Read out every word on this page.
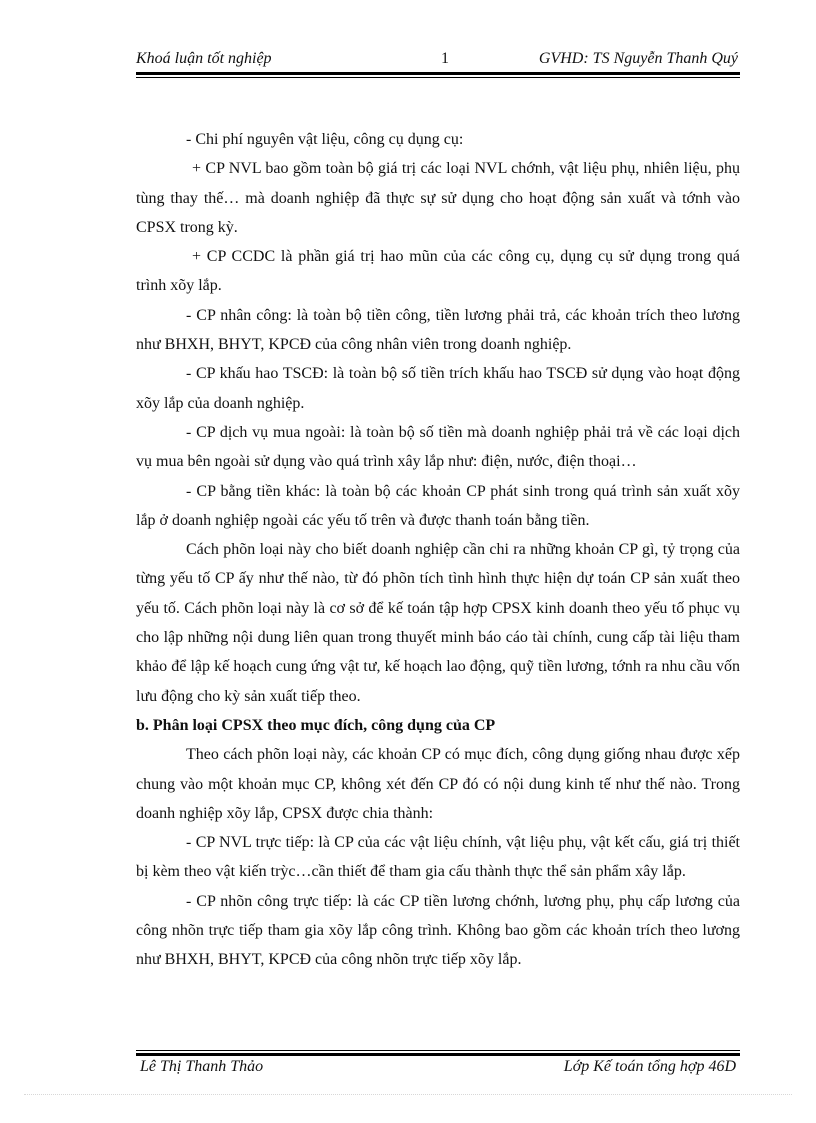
Khoá luận tốt nghiệp	1	GVHD: TS Nguyễn Thanh Quý

- Chi phí nguyên vật liệu, công cụ dụng cụ:

+ CP NVL bao gồm toàn bộ giá trị các loại NVL chớnh, vật liệu phụ, nhiên liệu, phụ tùng thay thế… mà doanh nghiệp đã thực sự sử dụng cho hoạt động sản xuất và tớnh vào CPSX trong kỳ.

+ CP CCDC là phần giá trị hao mũn của các công cụ, dụng cụ sử dụng trong quá trình xõy lắp.

- CP nhân công: là toàn bộ tiền công, tiền lương phải trả, các khoản trích theo lương như BHXH, BHYT, KPCĐ của công nhân viên trong doanh nghiệp.

- CP khấu hao TSCĐ: là toàn bộ số tiền trích khấu hao TSCĐ sử dụng vào hoạt động xõy lắp của doanh nghiệp.

- CP dịch vụ mua ngoài: là toàn bộ số tiền mà doanh nghiệp phải trả về các loại dịch vụ mua bên ngoài sử dụng vào quá trình xây lắp như: điện, nước, điện thoại…

- CP bằng tiền khác: là toàn bộ các khoản CP phát sinh trong quá trình sản xuất xõy lắp ở doanh nghiệp ngoài các yếu tố trên và được thanh toán bằng tiền.

Cách phõn loại này cho biết doanh nghiệp cần chi ra những khoản CP gì, tỷ trọng của từng yếu tố CP ấy như thế nào, từ đó phõn tích tình hình thực hiện dự toán CP sản xuất theo yếu tố. Cách phõn loại này là cơ sở để kế toán tập hợp CPSX kinh doanh theo yếu tố phục vụ cho lập những nội dung liên quan trong thuyết minh báo cáo tài chính, cung cấp tài liệu tham khảo để lập kế hoạch cung ứng vật tư, kế hoạch lao động, quỹ tiền lương, tớnh ra nhu cầu vốn lưu động cho kỳ sản xuất tiếp theo.

b. Phân loại CPSX theo mục đích, công dụng của CP

Theo cách phõn loại này, các khoản CP có mục đích, công dụng giống nhau được xếp chung vào một khoản mục CP, không xét đến CP đó có nội dung kinh tế như thế nào. Trong doanh nghiệp xõy lắp, CPSX được chia thành:

- CP NVL trực tiếp: là CP của các vật liệu chính, vật liệu phụ, vật kết cấu, giá trị thiết bị kèm theo vật kiến trỳc…cần thiết để tham gia cấu thành thực thể sản phẩm xây lắp.

- CP nhõn công trực tiếp: là các CP tiền lương chớnh, lương phụ, phụ cấp lương của công nhõn trực tiếp tham gia xõy lắp công trình. Không bao gồm các khoản trích theo lương như BHXH, BHYT, KPCĐ của công nhõn trực tiếp xõy lắp.

Lê Thị Thanh Thảo	Lớp Kế toán tổng hợp 46D
